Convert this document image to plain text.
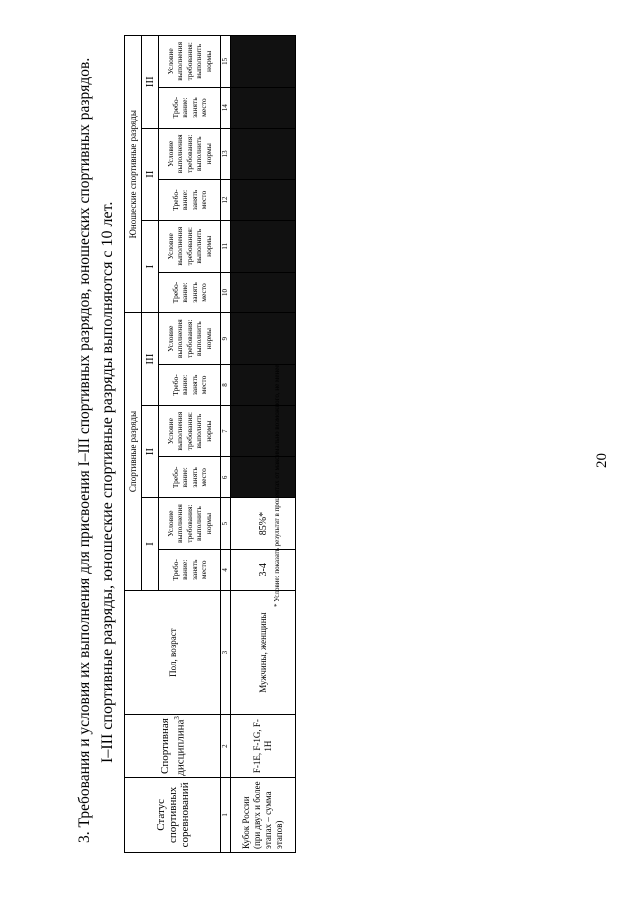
20
3. Требования и условия их выполнения для присвоения I–III спортивных разрядов, юношеских спортивных разрядов. I–III спортивные разряды, юношеские спортивные разряды выполняются с 10 лет.
Статус спортивных соревнований	Спортивная дисциплина$^3$	Пол, возраст	Спортивные разряды						Юношеские спортивные разряды					
			I		II		III		I		II		III	
			Требо-вание: занять место	Условие выполнения требования: выполнить нормы	Требо-вание: занять место	Условие выполнения требования: выполнить нормы	Требо-вание: занять место	Условие выполнения требования: выполнить нормы	Требо-вание: занять место	Условие выполнения требования: выполнить нормы	Требо-вание: занять место	Условие выполнения требования: выполнить нормы	Требо-вание: занять место	Условие выполнения требования: выполнить нормы
1	2	3	4	5	6	7	8	9	10	11	12	13	14	15
Кубок России (при двух и более этапах – сумма этапов)	F-1E, F-1G, F-1H	Мужчины, женщины	3-4	85%*										* Условие: показать результат в процентах от максимально возможного, не менее
